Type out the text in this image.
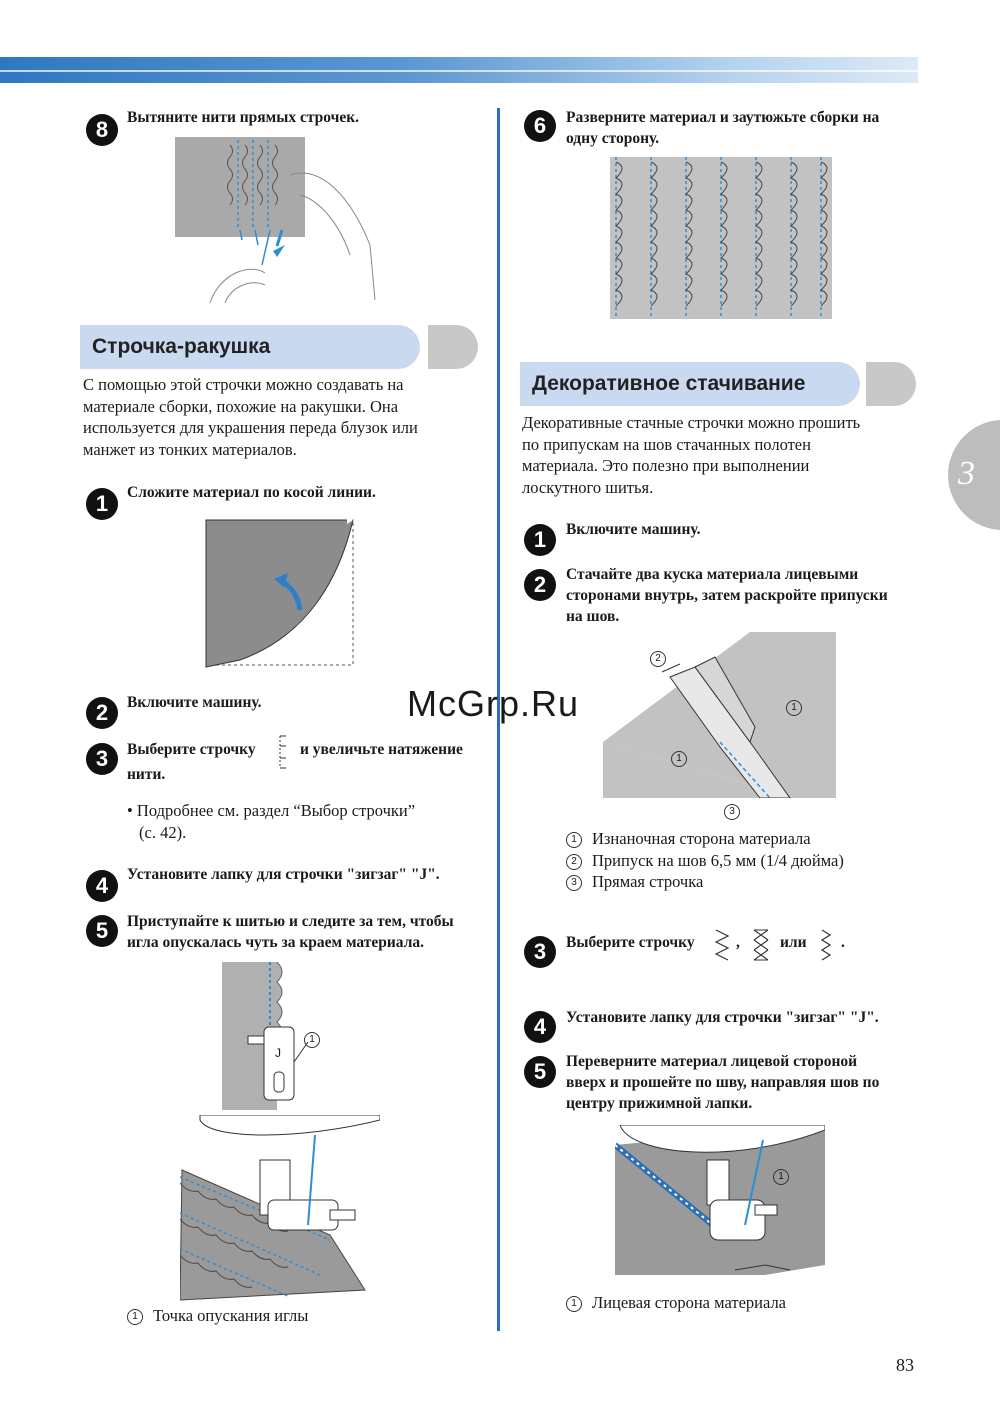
3
8	Вытяните нити прямых строчек.
Строчка-ракушка
С помощью этой строчки можно создавать на
материале сборки, похожие на ракушки. Она
используется для украшения переда блузок или
манжет из тонких материалов.
1	Сложите материал по косой линии.
2	Включите машину.
3	Выберите строчку	и увеличьте натяжение
нити.
• Подробнее см. раздел “Выбор строчки”
(с. 42).
4	Установите лапку для строчки "зигзаг" "J".
5	Приступайте к шитью и следите за тем, чтобы
игла опускалась чуть за краем материала.
J
1
1 Точка опускания иглы
6	Разверните материал и заутюжьте сборки на
одну сторону.
Декоративное стачивание
Декоративные стачные строчки можно прошить
по припускам на шов стачанных полотен
материала. Это полезно при выполнении
лоскутного шитья.
1	Включите машину.
2	Стачайте два куска материала лицевыми
сторонами внутрь, затем раскройте припуски
на шов.
1
1
2
3
1 Изнаночная сторона материала
2 Припуск на шов 6,5 мм (1/4 дюйма)
3 Прямая строчка
3	Выберите строчку	,	или .
4	Установите лапку для строчки "зигзаг" "J".
5	Переверните материал лицевой стороной
вверх и прошейте по шву, направляя шов по
центру прижимной лапки.
1
1 Лицевая сторона материала
McGrp.Ru
83
